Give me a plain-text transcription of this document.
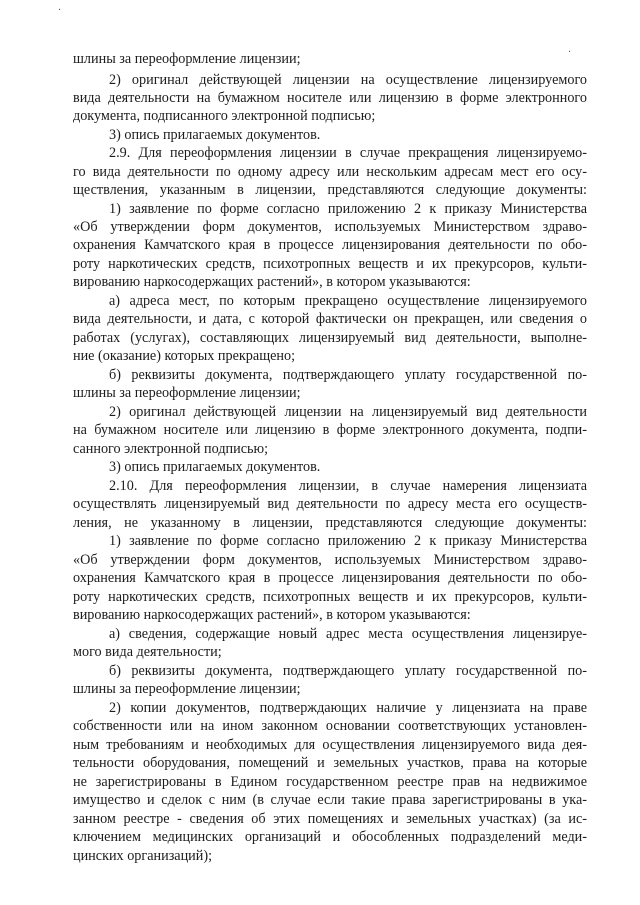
·
·

шлины за переоформление лицензии;

2) оригинал действующей лицензии на осуществление лицензируемого

вида деятельности на бумажном носителе или лицензию в форме электронного

документа, подписанного электронной подписью;

3) опись прилагаемых документов.

2.9. Для переоформления лицензии в случае прекращения лицензируемо-

го вида деятельности по одному адресу или нескольким адресам мест его осу-

ществления, указанным в лицензии, представляются следующие документы:

1) заявление по форме согласно приложению 2 к приказу Министерства

«Об утверждении форм документов, используемых Министерством здраво-

охранения Камчатского края в процессе лицензирования деятельности по обо-

роту наркотических средств, психотропных веществ и их прекурсоров, культи-

вированию наркосодержащих растений», в котором указываются:

а) адреса мест, по которым прекращено осуществление лицензируемого

вида деятельности, и дата, с которой фактически он прекращен, или сведения о

работах (услугах), составляющих лицензируемый вид деятельности, выполне-

ние (оказание) которых прекращено;

б) реквизиты документа, подтверждающего уплату государственной по-

шлины за переоформление лицензии;

2) оригинал действующей лицензии на лицензируемый вид деятельности

на бумажном носителе или лицензию в форме электронного документа, подпи-

санного электронной подписью;

3) опись прилагаемых документов.

2.10. Для переоформления лицензии, в случае намерения лицензиата

осуществлять лицензируемый вид деятельности по адресу места его осуществ-

ления, не указанному в лицензии, представляются следующие документы:

1) заявление по форме согласно приложению 2 к приказу Министерства

«Об утверждении форм документов, используемых Министерством здраво-

охранения Камчатского края в процессе лицензирования деятельности по обо-

роту наркотических средств, психотропных веществ и их прекурсоров, культи-

вированию наркосодержащих растений», в котором указываются:

а) сведения, содержащие новый адрес места осуществления лицензируе-

мого вида деятельности;

б) реквизиты документа, подтверждающего уплату государственной по-

шлины за переоформление лицензии;

2) копии документов, подтверждающих наличие у лицензиата на праве

собственности или на ином законном основании соответствующих установлен-

ным требованиям и необходимых для осуществления лицензируемого вида дея-

тельности оборудования, помещений и земельных участков, права на которые

не зарегистрированы в Едином государственном реестре прав на недвижимое

имущество и сделок с ним (в случае если такие права зарегистрированы в ука-

занном реестре - сведения об этих помещениях и земельных участках) (за ис-

ключением медицинских организаций и обособленных подразделений меди-

цинских организаций);
